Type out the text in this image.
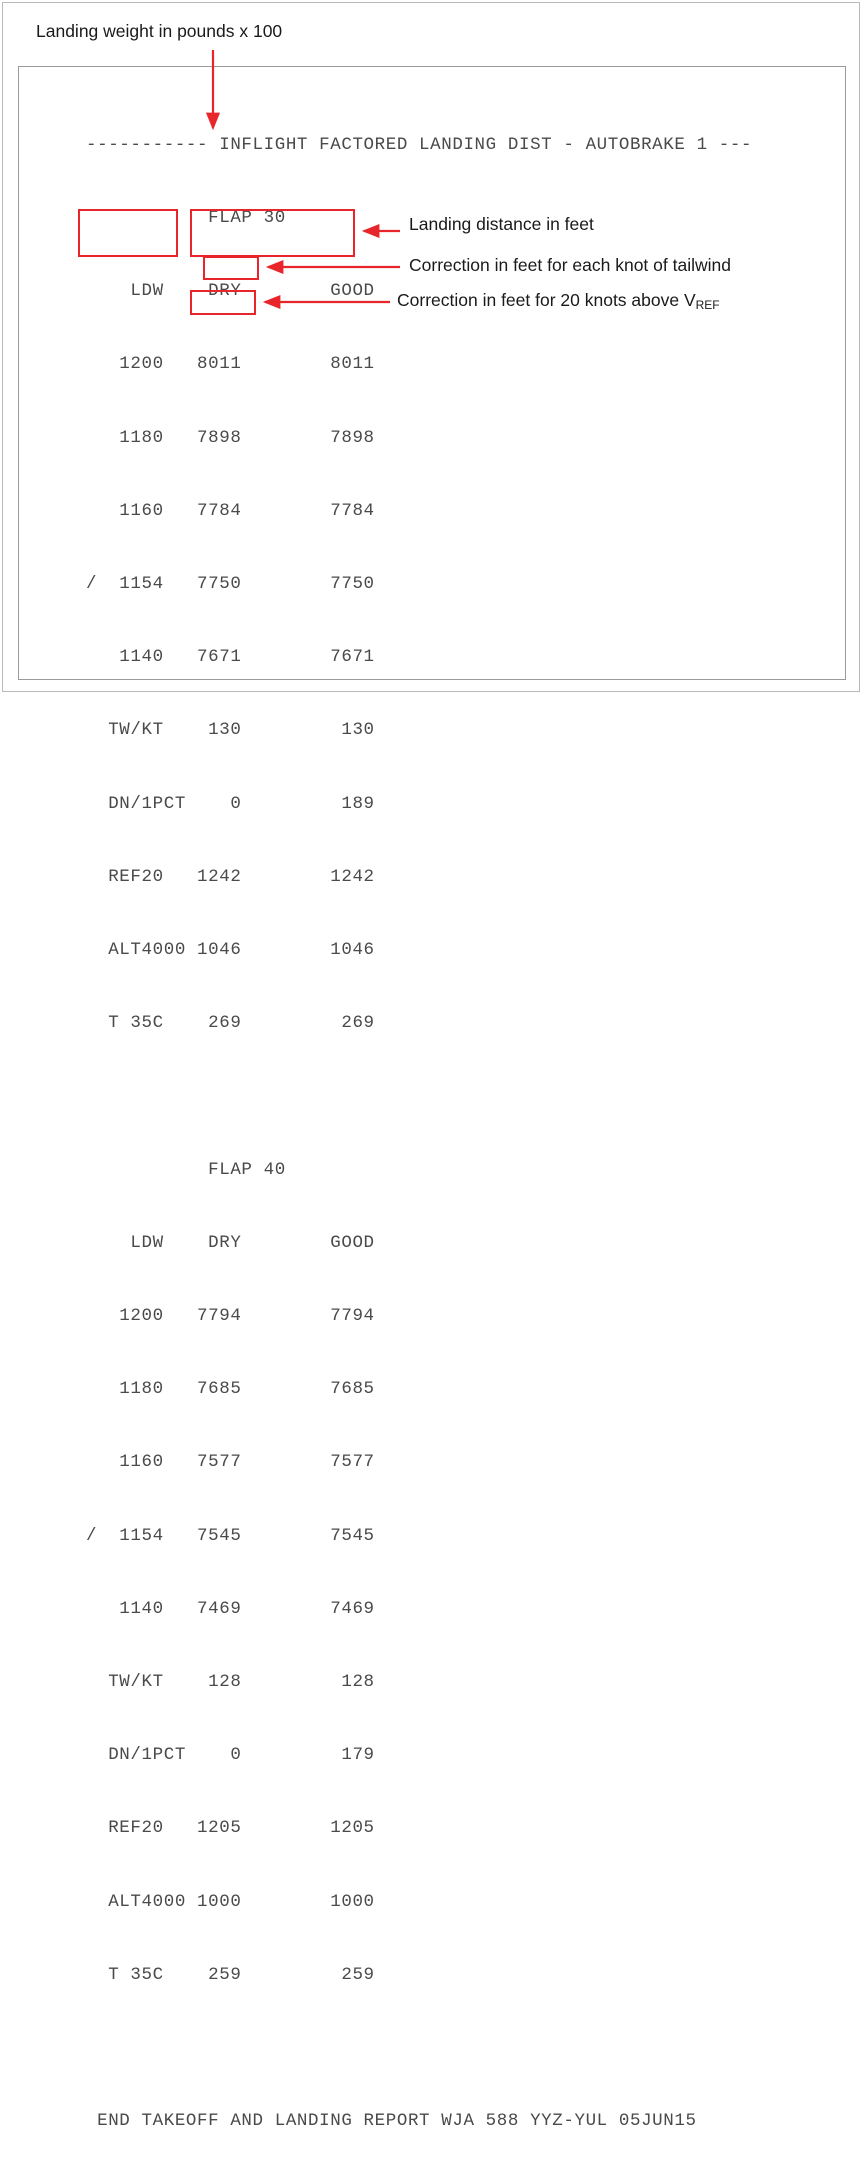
----------- INFLIGHT FACTORED LANDING DIST - AUTOBRAKE 1 ---

FLAP 30

LDW    DRY        GOOD

1200   8011        8011

1180   7898        7898

1160   7784        7784

/  1154   7750        7750

1140   7671        7671

TW/KT    130         130

DN/1PCT    0         189

REF20   1242        1242

ALT4000 1046        1046

T 35C    269         269

FLAP 40

LDW    DRY        GOOD

1200   7794        7794

1180   7685        7685

1160   7577        7577

/  1154   7545        7545

1140   7469        7469

TW/KT    128         128

DN/1PCT    0         179

REF20   1205        1205

ALT4000 1000        1000

T 35C    259         259

END TAKEOFF AND LANDING REPORT WJA 588 YYZ-YUL 05JUN15

Landing weight in pounds x 100
Landing distance in feet
Correction in feet for each knot of tailwind
Correction in feet for 20 knots above $V_{REF}$
